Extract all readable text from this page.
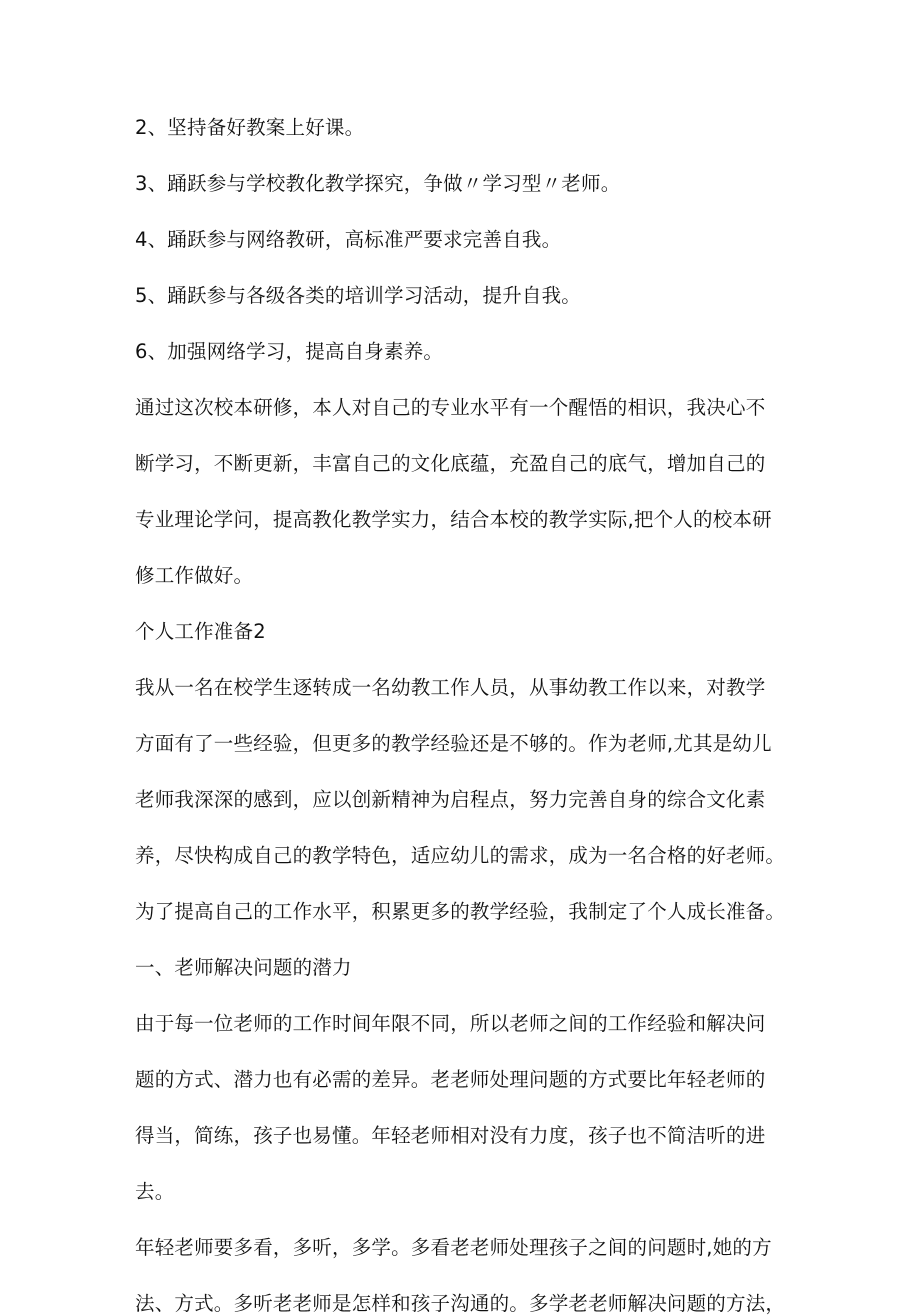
2、坚持备好教案上好课。
3、踊跃参与学校教化教学探究，争做〃学习型〃老师。
4、踊跃参与网络教研，高标准严要求完善自我。
5、踊跃参与各级各类的培训学习活动，提升自我。
6、加强网络学习，提高自身素养。
通过这次校本研修，本人对自己的专业水平有一个醒悟的相识，我决心不
断学习，不断更新，丰富自己的文化底蕴，充盈自己的底气，增加自己的
专业理论学问，提高教化教学实力，结合本校的教学实际,把个人的校本研
修工作做好。
个人工作准备2
我从一名在校学生逐转成一名幼教工作人员，从事幼教工作以来，对教学
方面有了一些经验，但更多的教学经验还是不够的。作为老师,尤其是幼儿
老师我深深的感到，应以创新精神为启程点，努力完善自身的综合文化素
养，尽快构成自己的教学特色，适应幼儿的需求，成为一名合格的好老师。
为了提高自己的工作水平，积累更多的教学经验，我制定了个人成长准备。
一、老师解决问题的潜力
由于每一位老师的工作时间年限不同，所以老师之间的工作经验和解决问
题的方式、潜力也有必需的差异。老老师处理问题的方式要比年轻老师的
得当，简练，孩子也易懂。年轻老师相对没有力度，孩子也不简洁听的进
去。
年轻老师要多看，多听，多学。多看老老师处理孩子之间的问题时,她的方
法、方式。多听老老师是怎样和孩子沟通的。多学老老师解决问题的方法，
